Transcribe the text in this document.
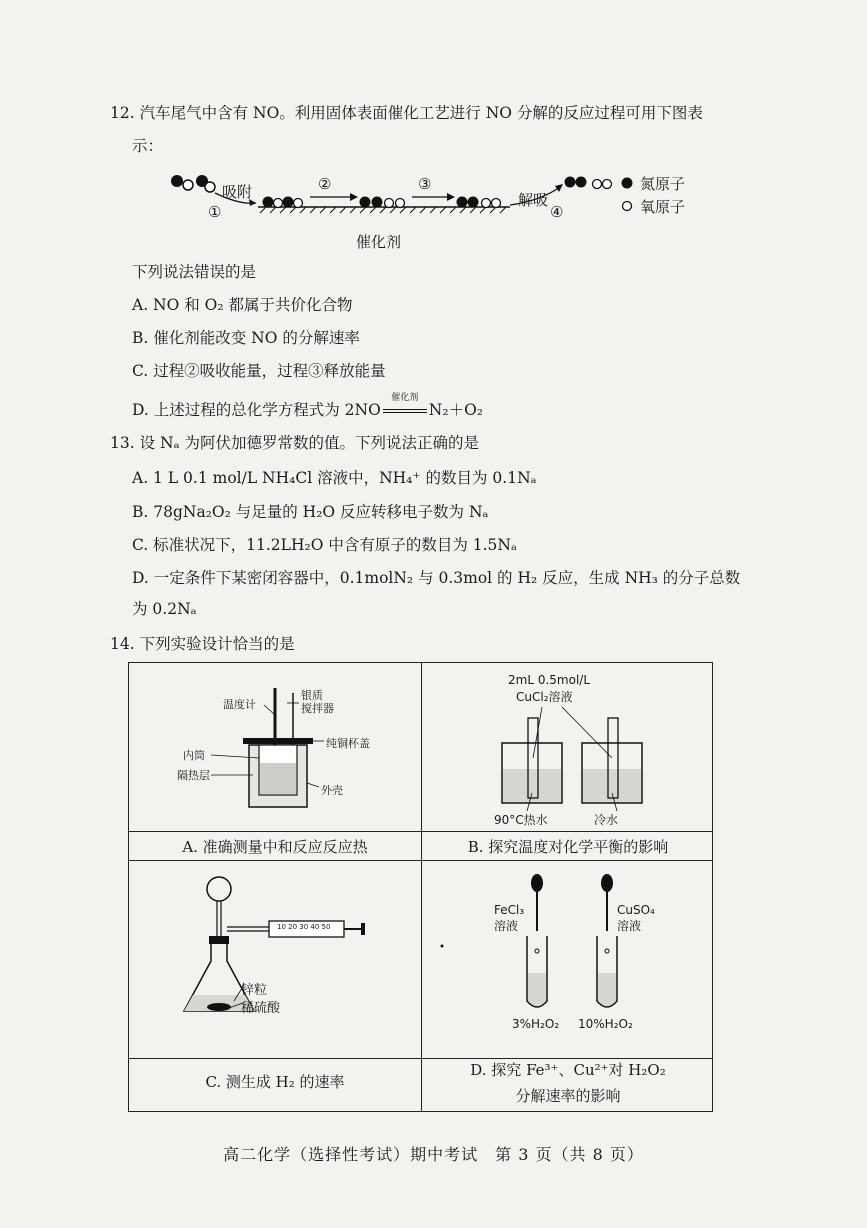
12. 汽车尾气中含有 NO。利用固体表面催化工艺进行 NO 分解的反应过程可用下图表
示：
吸附
①
②	③
解吸
④
催化剂
氮原子
氧原子
下列说法错误的是
A. NO 和 O₂ 都属于共价化合物
B. 催化剂能改变 NO 的分解速率
C. 过程②吸收能量，过程③释放能量
D. 上述过程的总化学方程式为 2NO
催化剂
N₂＋O₂
13. 设 Nₐ 为阿伏加德罗常数的值。下列说法正确的是
A. 1 L 0.1 mol/L NH₄Cl 溶液中，NH₄⁺ 的数目为 0.1Nₐ
B. 78gNa₂O₂ 与足量的 H₂O 反应转移电子数为 Nₐ
C. 标准状况下，11.2LH₂O 中含有原子的数目为 1.5Nₐ
D. 一定条件下某密闭容器中，0.1molN₂ 与 0.3mol 的 H₂ 反应，生成 NH₃ 的分子总数
为 0.2Nₐ
14. 下列实验设计恰当的是
温度计
银质
搅拌器
内筒
纯铜杯盖
隔热层
外壳
A. 准确测量中和反应反应热
2mL 0.5mol/L
CuCl₂溶液
90°C热水	冷水
B. 探究温度对化学平衡的影响
10 20 30 40 50
锌粒
稀硫酸
C. 测生成 H₂ 的速率
FeCl₃
溶液
CuSO₄
溶液
3%H₂O₂ 10%H₂O₂
D. 探究 Fe³⁺、Cu²⁺对 H₂O₂
分解速率的影响
高二化学（选择性考试）期中考试　第 3 页（共 8 页）
